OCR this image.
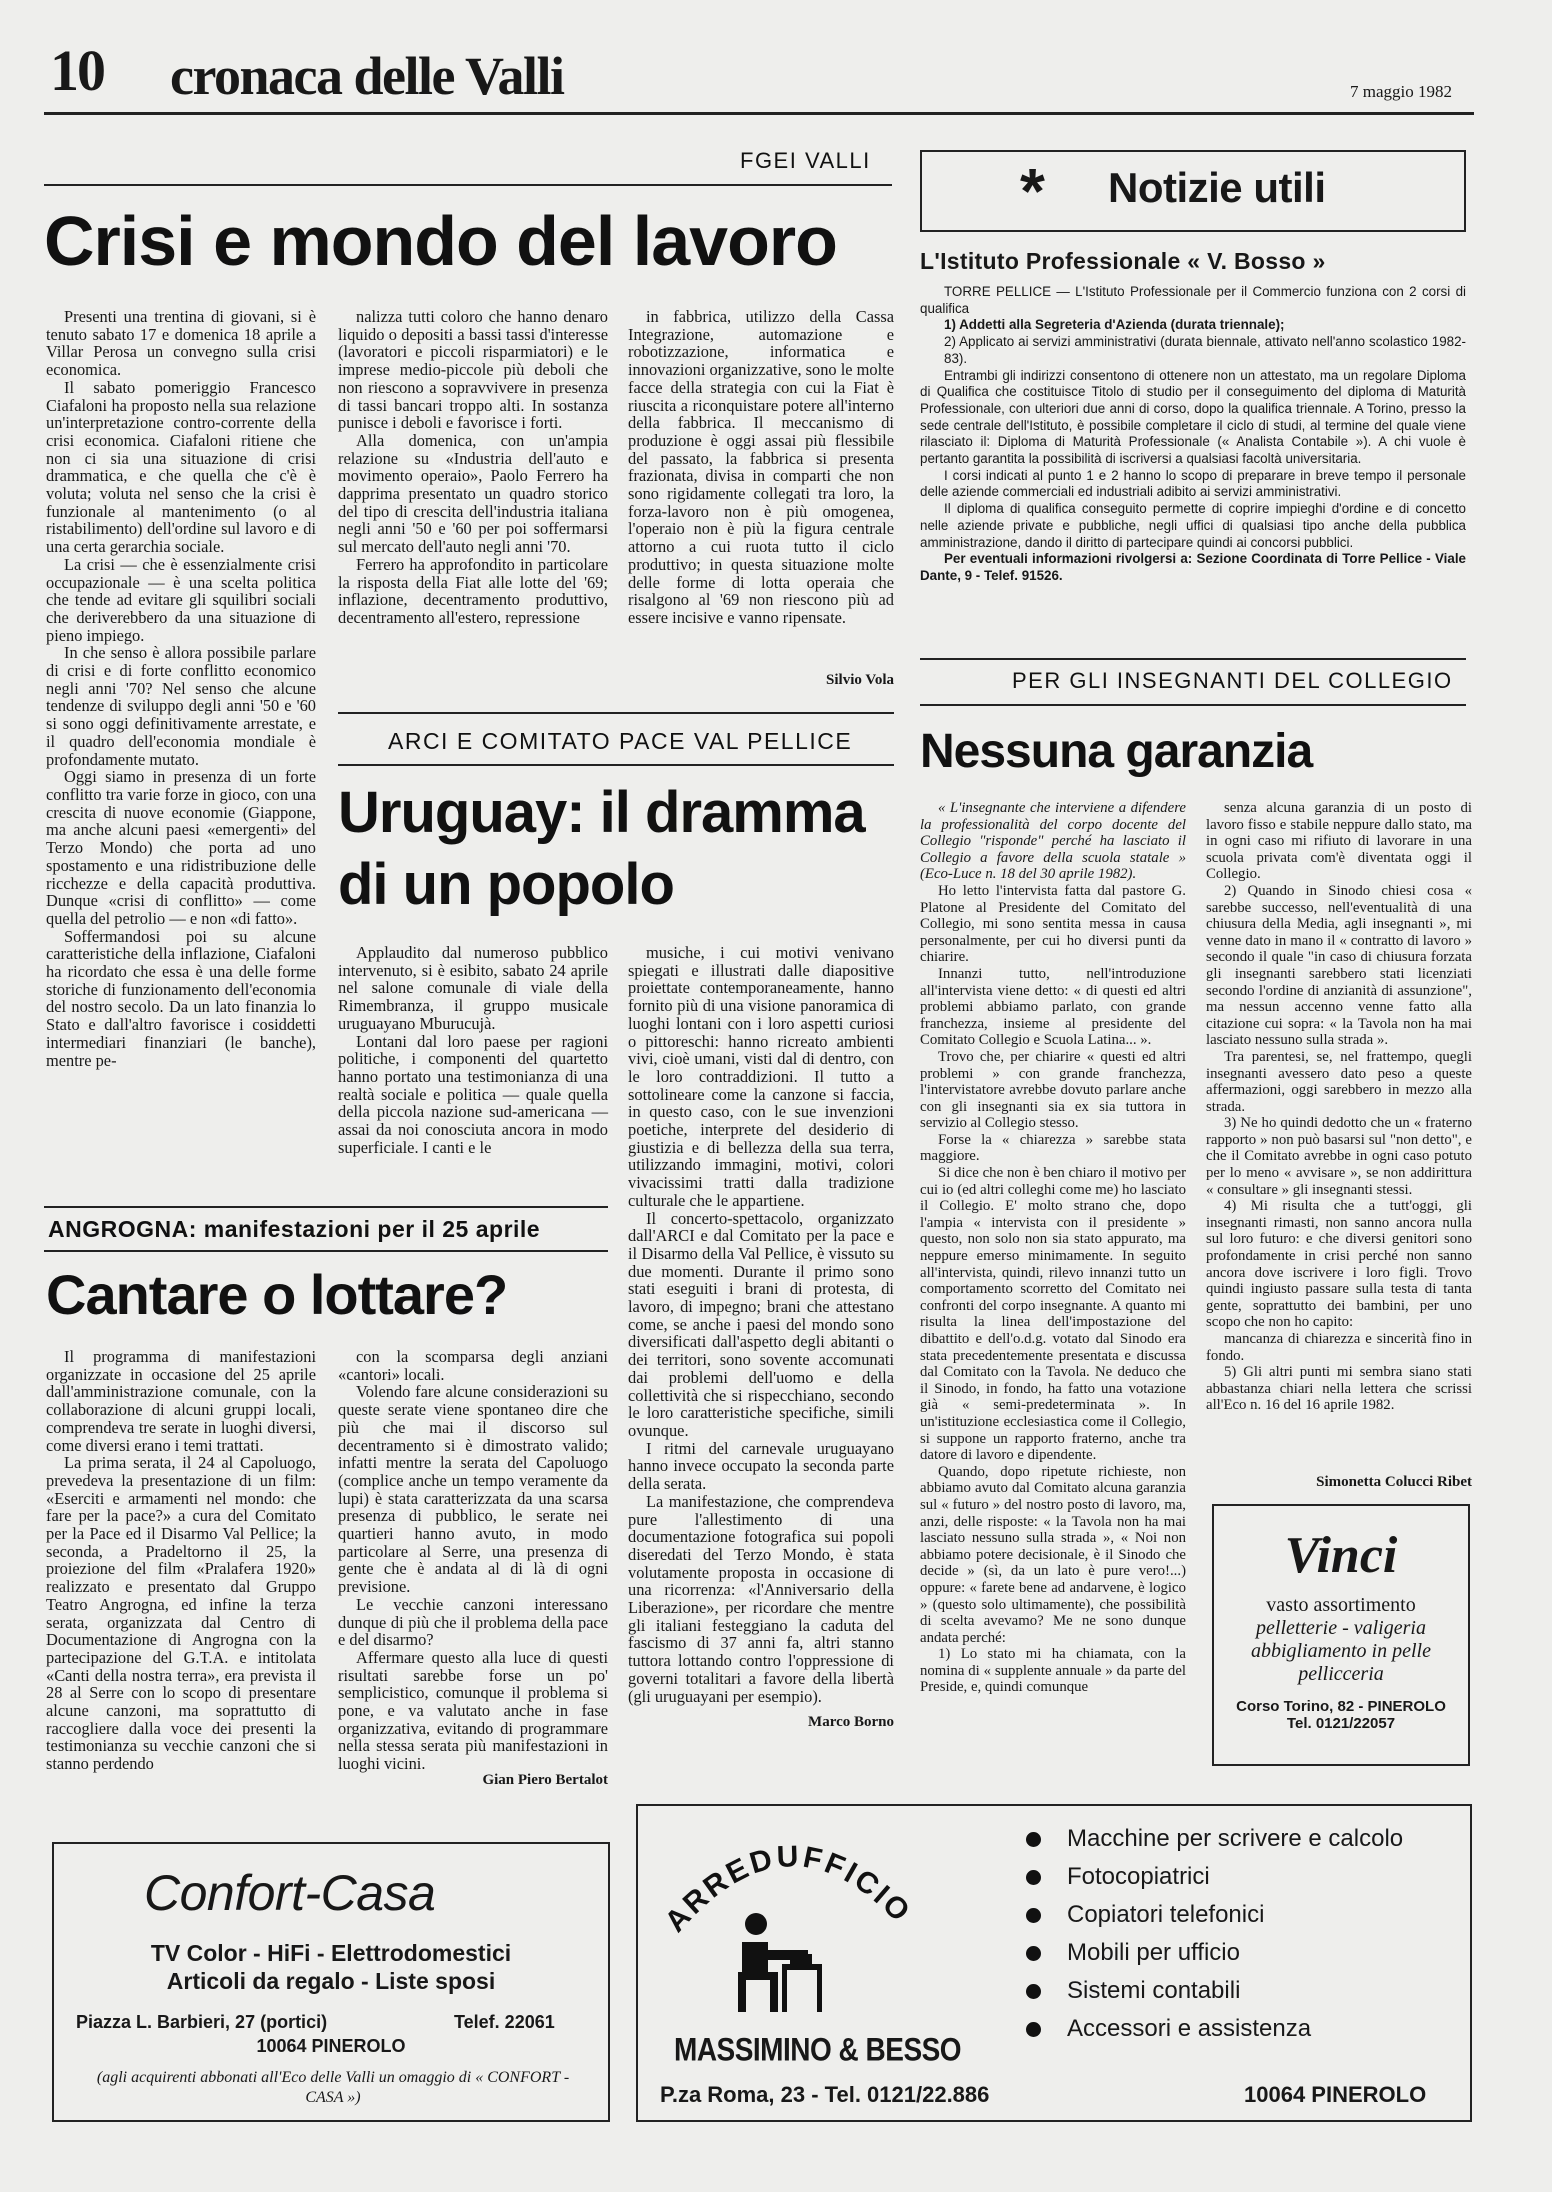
10 cronaca delle Valli	7 maggio 1982
FGEI VALLI
Crisi e mondo del lavoro

Presenti una trentina di giovani, si è tenuto sabato 17 e domenica 18 aprile a Villar Perosa un convegno sulla crisi economica.

Il sabato pomeriggio Francesco Ciafaloni ha proposto nella sua relazione un'interpretazione contro-corrente della crisi economica. Ciafaloni ritiene che non ci sia una situazione di crisi drammatica, e che quella che c'è è voluta; voluta nel senso che la crisi è funzionale al mantenimento (o al ristabilimento) dell'ordine sul lavoro e di una certa gerarchia sociale.

La crisi — che è essenzialmente crisi occupazionale — è una scelta politica che tende ad evitare gli squilibri sociali che deriverebbero da una situazione di pieno impiego.

In che senso è allora possibile parlare di crisi e di forte conflitto economico negli anni '70? Nel senso che alcune tendenze di sviluppo degli anni '50 e '60 si sono oggi definitivamente arrestate, e il quadro dell'economia mondiale è profondamente mutato.

Oggi siamo in presenza di un forte conflitto tra varie forze in gioco, con una crescita di nuove economie (Giappone, ma anche alcuni paesi «emergenti» del Terzo Mondo) che porta ad uno spostamento e una ridistribuzione delle ricchezze e della capacità produttiva. Dunque «crisi di conflitto» — come quella del petrolio — e non «di fatto».

Soffermandosi poi su alcune caratteristiche della inflazione, Ciafaloni ha ricordato che essa è una delle forme storiche di funzionamento dell'economia del nostro secolo. Da un lato finanzia lo Stato e dall'altro favorisce i cosiddetti intermediari finanziari (le banche), mentre pe-

nalizza tutti coloro che hanno denaro liquido o depositi a bassi tassi d'interesse (lavoratori e piccoli risparmiatori) e le imprese medio-piccole più deboli che non riescono a sopravvivere in presenza di tassi bancari troppo alti. In sostanza punisce i deboli e favorisce i forti.

Alla domenica, con un'ampia relazione su «Industria dell'auto e movimento operaio», Paolo Ferrero ha dapprima presentato un quadro storico del tipo di crescita dell'industria italiana negli anni '50 e '60 per poi soffermarsi sul mercato dell'auto negli anni '70.

Ferrero ha approfondito in particolare la risposta della Fiat alle lotte del '69; inflazione, decentramento produttivo, decentramento all'estero, repressione

in fabbrica, utilizzo della Cassa Integrazione, automazione e robotizzazione, informatica e innovazioni organizzative, sono le molte facce della strategia con cui la Fiat è riuscita a riconquistare potere all'interno della fabbrica. Il meccanismo di produzione è oggi assai più flessibile del passato, la fabbrica si presenta frazionata, divisa in comparti che non sono rigidamente collegati tra loro, la forza-lavoro non è più omogenea, l'operaio non è più la figura centrale attorno a cui ruota tutto il ciclo produttivo; in questa situazione molte delle forme di lotta operaia che risalgono al '69 non riescono più ad essere incisive e vanno ripensate.

Silvio Vola
ARCI E COMITATO PACE VAL PELLICE
Uruguay: il dramma
di un popolo

Applaudito dal numeroso pubblico intervenuto, si è esibito, sabato 24 aprile nel salone comunale di viale della Rimembranza, il gruppo musicale uruguayano Mburucujà.

Lontani dal loro paese per ragioni politiche, i componenti del quartetto hanno portato una testimonianza di una realtà sociale e politica — quale quella della piccola nazione sud-americana — assai da noi conosciuta ancora in modo superficiale. I canti e le

musiche, i cui motivi venivano spiegati e illustrati dalle diapositive proiettate contemporaneamente, hanno fornito più di una visione panoramica di luoghi lontani con i loro aspetti curiosi o pittoreschi: hanno ricreato ambienti vivi, cioè umani, visti dal di dentro, con le loro contraddizioni. Il tutto a sottolineare come la canzone si faccia, in questo caso, con le sue invenzioni poetiche, interprete del desiderio di giustizia e di bellezza della sua terra, utilizzando immagini, motivi, colori vivacissimi tratti dalla tradizione culturale che le appartiene.

Il concerto-spettacolo, organizzato dall'ARCI e dal Comitato per la pace e il Disarmo della Val Pellice, è vissuto su due momenti. Durante il primo sono stati eseguiti i brani di protesta, di lavoro, di impegno; brani che attestano come, se anche i paesi del mondo sono diversificati dall'aspetto degli abitanti o dei territori, sono sovente accomunati dai problemi dell'uomo e della collettività che si rispecchiano, secondo le loro caratteristiche specifiche, simili ovunque.

I ritmi del carnevale uruguayano hanno invece occupato la seconda parte della serata.

La manifestazione, che comprendeva pure l'allestimento di una documentazione fotografica sui popoli diseredati del Terzo Mondo, è stata volutamente proposta in occasione di una ricorrenza: «l'Anniversario della Liberazione», per ricordare che mentre gli italiani festeggiano la caduta del fascismo di 37 anni fa, altri stanno tuttora lottando contro l'oppressione di governi totalitari a favore della libertà (gli uruguayani per esempio).

Marco Borno
ANGROGNA: manifestazioni per il 25 aprile
Cantare o lottare?

Il programma di manifestazioni organizzate in occasione del 25 aprile dall'amministrazione comunale, con la collaborazione di alcuni gruppi locali, comprendeva tre serate in luoghi diversi, come diversi erano i temi trattati.

La prima serata, il 24 al Capoluogo, prevedeva la presentazione di un film: «Eserciti e armamenti nel mondo: che fare per la pace?» a cura del Comitato per la Pace ed il Disarmo Val Pellice; la seconda, a Pradeltorno il 25, la proiezione del film «Pralafera 1920» realizzato e presentato dal Gruppo Teatro Angrogna, ed infine la terza serata, organizzata dal Centro di Documentazione di Angrogna con la partecipazione del G.T.A. e intitolata «Canti della nostra terra», era prevista il 28 al Serre con lo scopo di presentare alcune canzoni, ma soprattutto di raccogliere dalla voce dei presenti la testimonianza su vecchie canzoni che si stanno perdendo

con la scomparsa degli anziani «cantori» locali.

Volendo fare alcune considerazioni su queste serate viene spontaneo dire che più che mai il discorso sul decentramento si è dimostrato valido; infatti mentre la serata del Capoluogo (complice anche un tempo veramente da lupi) è stata caratterizzata da una scarsa presenza di pubblico, le serate nei quartieri hanno avuto, in modo particolare al Serre, una presenza di gente che è andata al di là di ogni previsione.

Le vecchie canzoni interessano dunque di più che il problema della pace e del disarmo?

Affermare questo alla luce di questi risultati sarebbe forse un po' semplicistico, comunque il problema si pone, e va valutato anche in fase organizzativa, evitando di programmare nella stessa serata più manifestazioni in luoghi vicini.

Gian Piero Bertalot
* Notizie utili
L'Istituto Professionale « V. Bosso »

TORRE PELLICE — L'Istituto Professionale per il Commercio funziona con 2 corsi di qualifica

1) Addetti alla Segreteria d'Azienda (durata triennale);

2) Applicato ai servizi amministrativi (durata biennale, attivato nell'anno scolastico 1982-83).

Entrambi gli indirizzi consentono di ottenere non un attestato, ma un regolare Diploma di Qualifica che costituisce Titolo di studio per il conseguimento del diploma di Maturità Professionale, con ulteriori due anni di corso, dopo la qualifica triennale. A Torino, presso la sede centrale dell'Istituto, è possibile completare il ciclo di studi, al termine del quale viene rilasciato il: Diploma di Maturità Professionale (« Analista Contabile »). A chi vuole è pertanto garantita la possibilità di iscriversi a qualsiasi facoltà universitaria.

I corsi indicati al punto 1 e 2 hanno lo scopo di preparare in breve tempo il personale delle aziende commerciali ed industriali adibito ai servizi amministrativi.

Il diploma di qualifica conseguito permette di coprire impieghi d'ordine e di concetto nelle aziende private e pubbliche, negli uffici di qualsiasi tipo anche della pubblica amministrazione, dando il diritto di partecipare quindi ai concorsi pubblici.

Per eventuali informazioni rivolgersi a: Sezione Coordinata di Torre Pellice - Viale Dante, 9 - Telef. 91526.

PER GLI INSEGNANTI DEL COLLEGIO
Nessuna garanzia

« L'insegnante che interviene a difendere la professionalità del corpo docente del Collegio "risponde" perché ha lasciato il Collegio a favore della scuola statale » (Eco-Luce n. 18 del 30 aprile 1982).

Ho letto l'intervista fatta dal pastore G. Platone al Presidente del Comitato del Collegio, mi sono sentita messa in causa personalmente, per cui ho diversi punti da chiarire.

Innanzi tutto, nell'introduzione all'intervista viene detto: « di questi ed altri problemi abbiamo parlato, con grande franchezza, insieme al presidente del Comitato Collegio e Scuola Latina... ».

Trovo che, per chiarire « questi ed altri problemi » con grande franchezza, l'intervistatore avrebbe dovuto parlare anche con gli insegnanti sia ex sia tuttora in servizio al Collegio stesso.

Forse la « chiarezza » sarebbe stata maggiore.

Si dice che non è ben chiaro il motivo per cui io (ed altri colleghi come me) ho lasciato il Collegio. E' molto strano che, dopo l'ampia « intervista con il presidente » questo, non solo non sia stato appurato, ma neppure emerso minimamente. In seguito all'intervista, quindi, rilevo innanzi tutto un comportamento scorretto del Comitato nei confronti del corpo insegnante. A quanto mi risulta la linea dell'impostazione del dibattito e dell'o.d.g. votato dal Sinodo era stata precedentemente presentata e discussa dal Comitato con la Tavola. Ne deduco che il Sinodo, in fondo, ha fatto una votazione già « semi-predeterminata ». In un'istituzione ecclesiastica come il Collegio, si suppone un rapporto fraterno, anche tra datore di lavoro e dipendente.

Quando, dopo ripetute richieste, non abbiamo avuto dal Comitato alcuna garanzia sul « futuro » del nostro posto di lavoro, ma, anzi, delle risposte: « la Tavola non ha mai lasciato nessuno sulla strada », « Noi non abbiamo potere decisionale, è il Sinodo che decide » (sì, da un lato è pure vero!...) oppure: « farete bene ad andarvene, è logico » (questo solo ultimamente), che possibilità di scelta avevamo? Me ne sono dunque andata perché:

1) Lo stato mi ha chiamata, con la nomina di « supplente annuale » da parte del Preside, e, quindi comunque

senza alcuna garanzia di un posto di lavoro fisso e stabile neppure dallo stato, ma in ogni caso mi rifiuto di lavorare in una scuola privata com'è diventata oggi il Collegio.

2) Quando in Sinodo chiesi cosa « sarebbe successo, nell'eventualità di una chiusura della Media, agli insegnanti », mi venne dato in mano il « contratto di lavoro » secondo il quale "in caso di chiusura forzata gli insegnanti sarebbero stati licenziati secondo l'ordine di anzianità di assunzione", ma nessun accenno venne fatto alla citazione cui sopra: « la Tavola non ha mai lasciato nessuno sulla strada ».

Tra parentesi, se, nel frattempo, quegli insegnanti avessero dato peso a queste affermazioni, oggi sarebbero in mezzo alla strada.

3) Ne ho quindi dedotto che un « fraterno rapporto » non può basarsi sul "non detto", e che il Comitato avrebbe in ogni caso potuto per lo meno « avvisare », se non addirittura « consultare » gli insegnanti stessi.

4) Mi risulta che a tutt'oggi, gli insegnanti rimasti, non sanno ancora nulla sul loro futuro: e che diversi genitori sono profondamente in crisi perché non sanno ancora dove iscrivere i loro figli. Trovo quindi ingiusto passare sulla testa di tanta gente, soprattutto dei bambini, per uno scopo che non ho capito:

mancanza di chiarezza e sincerità fino in fondo.

5) Gli altri punti mi sembra siano stati abbastanza chiari nella lettera che scrissi all'Eco n. 16 del 16 aprile 1982.

Simonetta Colucci Ribet
Vinci
vasto assortimento
pelletterie - valigeria
abbigliamento in pelle
pellicceria
Corso Torino, 82 - PINEROLO
Tel. 0121/22057
Confort-Casa
TV Color - HiFi - Elettrodomestici
Articoli da regalo - Liste sposi
Piazza L. Barbieri, 27 (portici)	Telef. 22061
10064 PINEROLO
(agli acquirenti abbonati all'Eco delle Valli un omaggio di « CONFORT - CASA »)
ARREDUFFICIO
MASSIMINO & BESSO
P.za Roma, 23 - Tel. 0121/22.886	10064 PINEROLO
Macchine per scrivere e calcolo
Fotocopiatrici
Copiatori telefonici
Mobili per ufficio
Sistemi contabili
Accessori e assistenza
